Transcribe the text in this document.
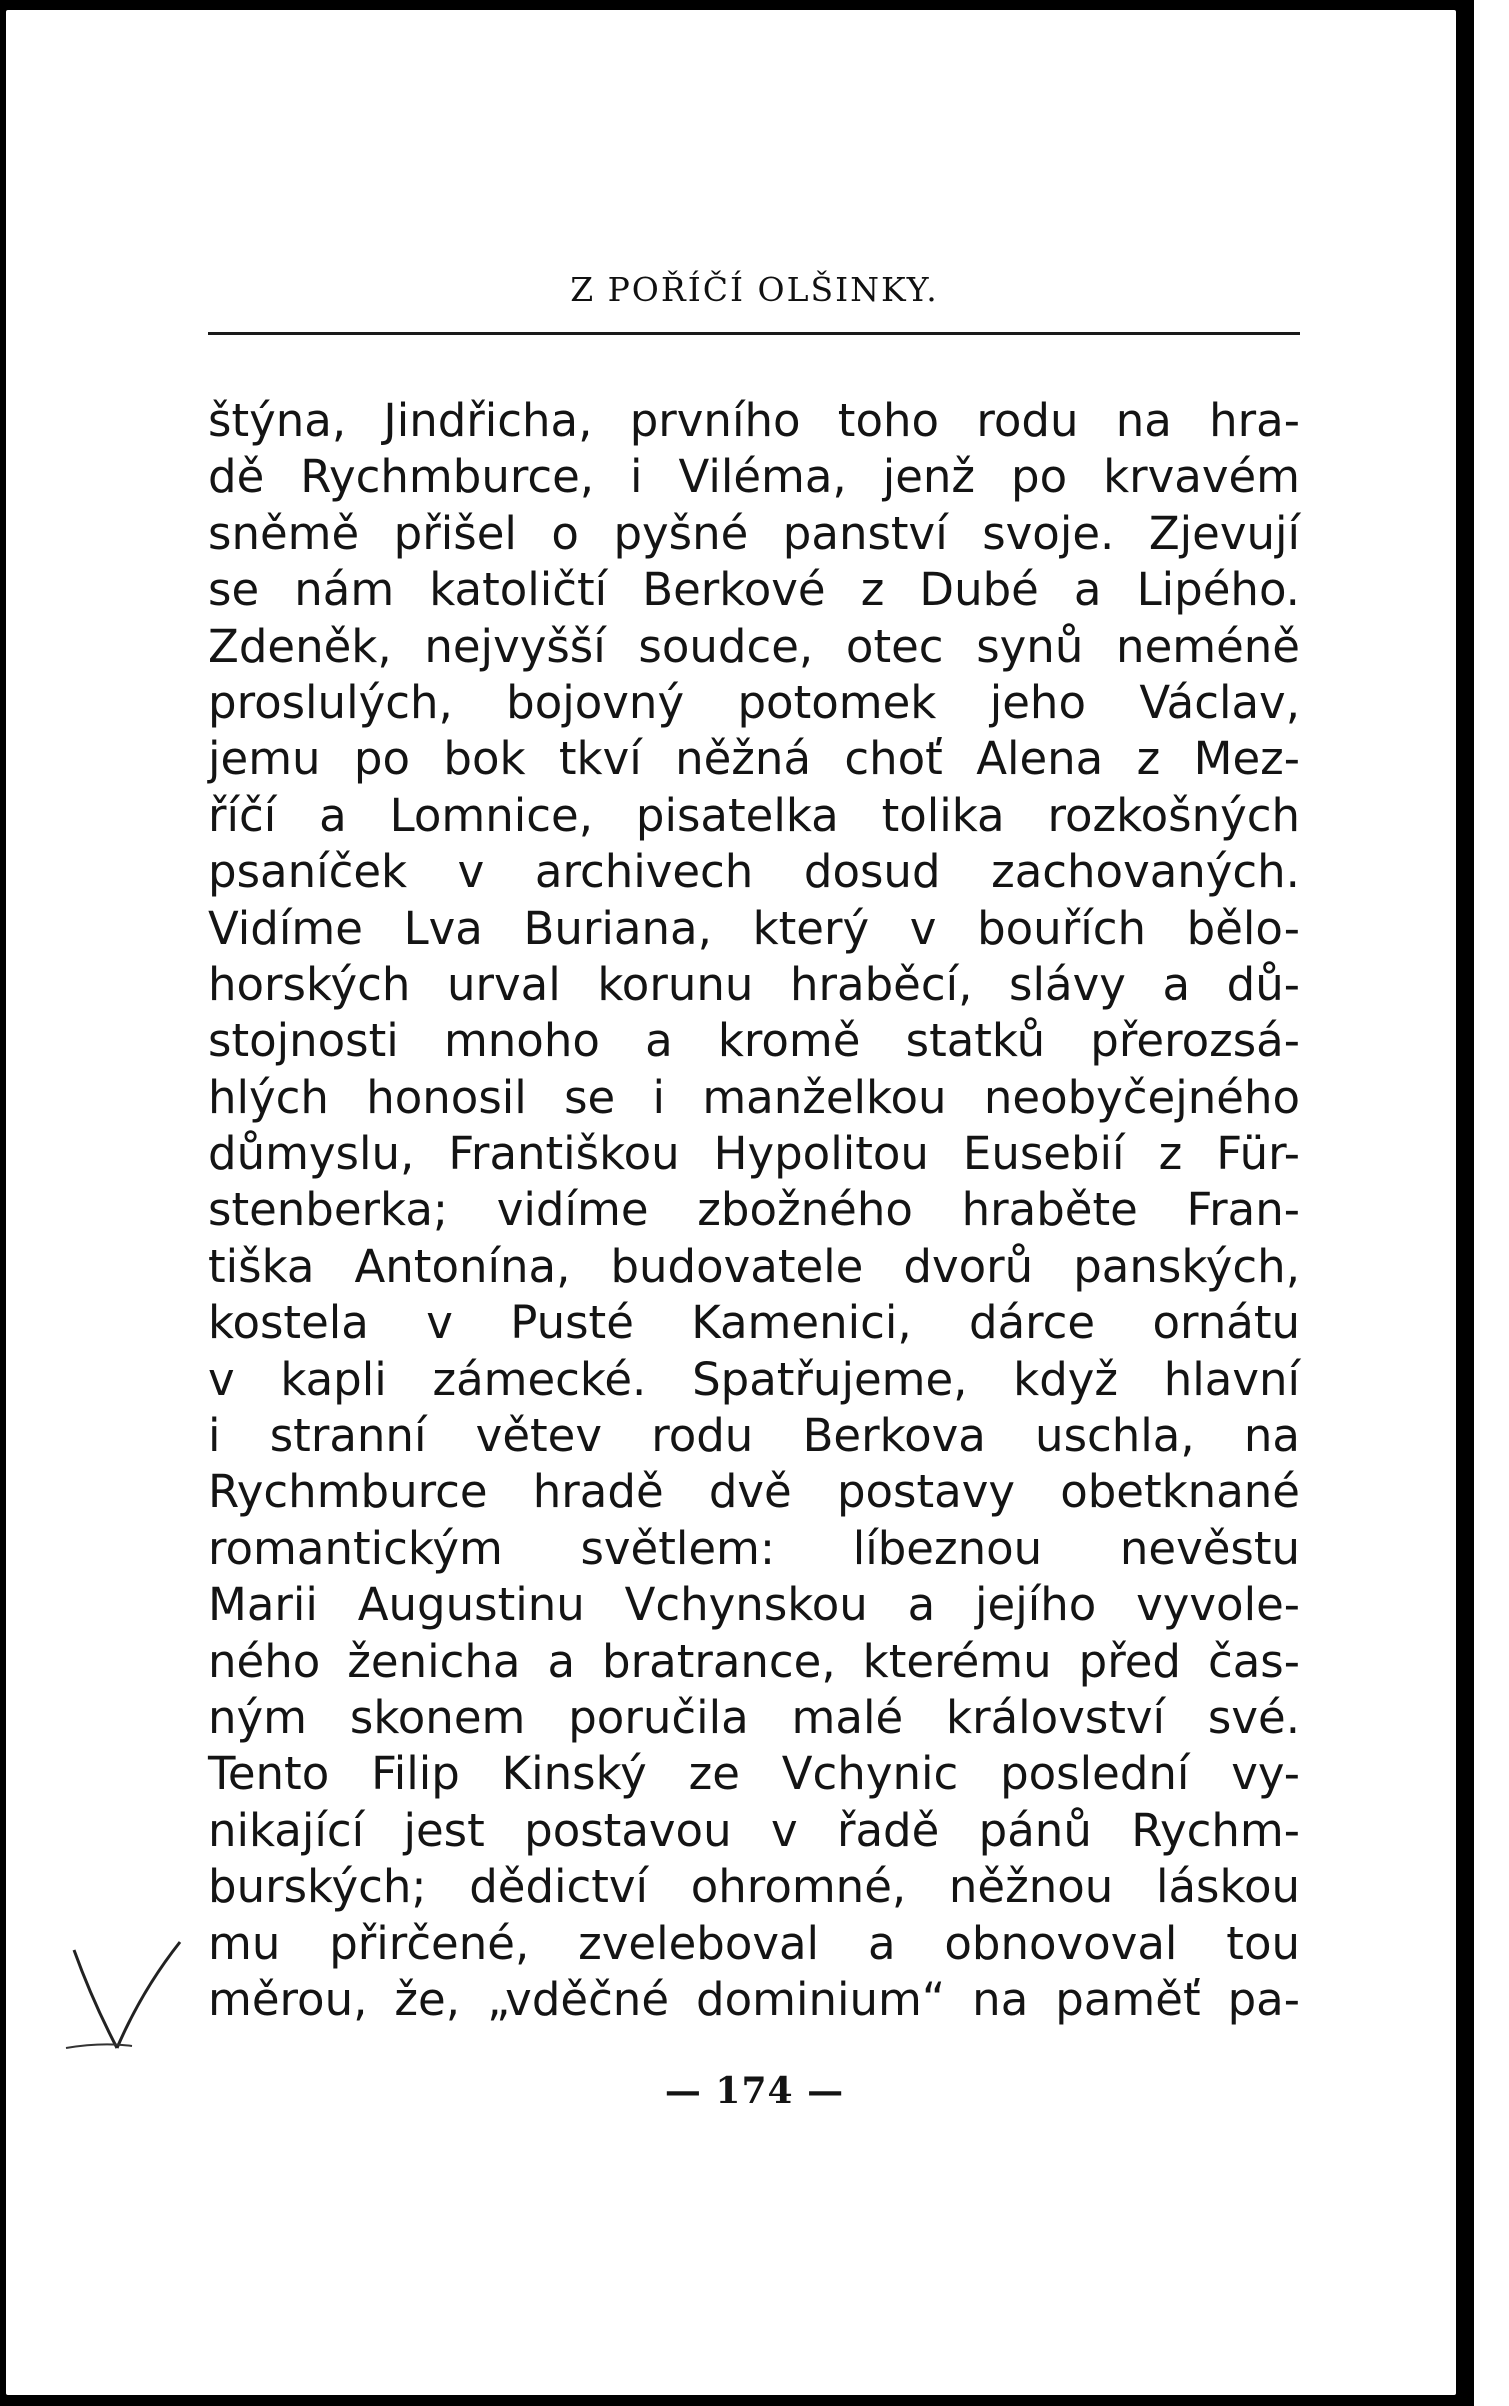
Z POŘÍČÍ OLŠINKY.
štýna, Jindřicha, prvního toho rodu na hra-
dě Rychmburce, i Viléma, jenž po krvavém
sněmě přišel o pyšné panství svoje. Zjevují
se nám katoličtí Berkové z Dubé a Lipého.
Zdeněk, nejvyšší soudce, otec synů neméně
proslulých, bojovný potomek jeho Václav,
jemu po bok tkví něžná choť Alena z Mez-
říčí a Lomnice, pisatelka tolika rozkošných
psaníček v archivech dosud zachovaných.
Vidíme Lva Buriana, který v bouřích bělo-
horských urval korunu hraběcí, slávy a dů-
stojnosti mnoho a kromě statků přerozsá-
hlých honosil se i manželkou neobyčejného
důmyslu, Františkou Hypolitou Eusebií z Für-
stenberka; vidíme zbožného hraběte Fran-
tiška Antonína, budovatele dvorů panských,
kostela v Pusté Kamenici, dárce ornátu
v kapli zámecké. Spatřujeme, když hlavní
i stranní větev rodu Berkova uschla, na
Rychmburce hradě dvě postavy obetknané
romantickým světlem: líbeznou nevěstu
Marii Augustinu Vchynskou a jejího vyvole-
ného ženicha a bratrance, kterému před čas-
ným skonem poručila malé království své.
Tento Filip Kinský ze Vchynic poslední vy-
nikající jest postavou v řadě pánů Rychm-
burských; dědictví ohromné, něžnou láskou
mu přirčené, zveleboval a obnovoval tou
měrou, že, „vděčné dominium“ na paměť pa-
— 174 —
